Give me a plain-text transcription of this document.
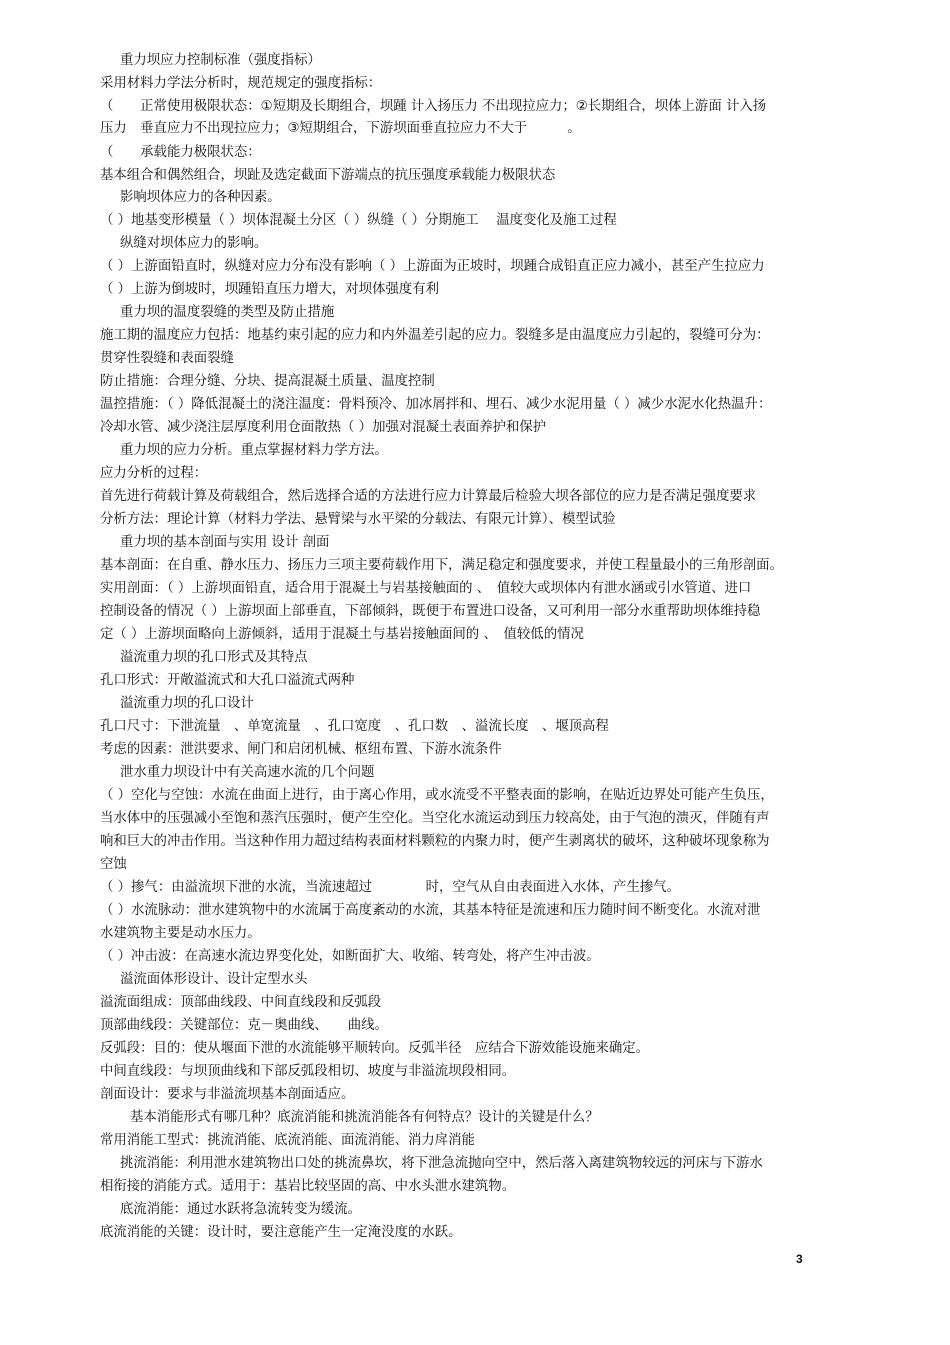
重力坝应力控制标准（强度指标）
采用材料力学法分析时，规范规定的强度指标：
（　　正常使用极限状态：①短期及长期组合，坝踵 计入扬压力 不出现拉应力；②长期组合，坝体上游面 计入扬
压力　垂直应力不出现拉应力；③短期组合，下游坝面垂直拉应力不大于　　　。
（　　承载能力极限状态：
基本组合和偶然组合，坝趾及选定截面下游端点的抗压强度承载能力极限状态
影响坝体应力的各种因素。
（ ）地基变形模量（ ）坝体混凝土分区（ ）纵缝（ ）分期施工　 温度变化及施工过程
纵缝对坝体应力的影响。
（ ）上游面铅直时，纵缝对应力分布没有影响（ ）上游面为正坡时，坝踵合成铅直正应力减小，甚至产生拉应力
（ ）上游为倒坡时，坝踵铅直压力增大，对坝体强度有利
重力坝的温度裂缝的类型及防止措施
施工期的温度应力包括：地基约束引起的应力和内外温差引起的应力。裂缝多是由温度应力引起的，裂缝可分为：
贯穿性裂缝和表面裂缝
防止措施：合理分缝、分块、提高混凝土质量、温度控制
温控措施：（ ）降低混凝土的浇注温度：骨料预冷、加冰屑拌和、埋石、减少水泥用量（ ）减少水泥水化热温升：
冷却水管、减少浇注层厚度利用仓面散热（ ）加强对混凝土表面养护和保护
重力坝的应力分析。重点掌握材料力学方法。
应力分析的过程：
首先进行荷载计算及荷载组合，然后选择合适的方法进行应力计算最后检验大坝各部位的应力是否满足强度要求
分析方法：理论计算（材料力学法、悬臂梁与水平梁的分载法、有限元计算）、模型试验
重力坝的基本剖面与实用 设计 剖面
基本剖面：在自重、静水压力、扬压力三项主要荷载作用下，满足稳定和强度要求，并使工程量最小的三角形剖面。
实用剖面：（ ）上游坝面铅直，适合用于混凝土与岩基接触面的 、　值较大或坝体内有泄水涵或引水管道、进口
控制设备的情况（ ）上游坝面上部垂直，下部倾斜，既便于布置进口设备，又可利用一部分水重帮助坝体维持稳
定（ ）上游坝面略向上游倾斜，适用于混凝土与基岩接触面间的 、　值较低的情况
溢流重力坝的孔口形式及其特点
孔口形式：开敞溢流式和大孔口溢流式两种
溢流重力坝的孔口设计
孔口尺寸：下泄流量　、单宽流量　、孔口宽度　、孔口数　、溢流长度　、堰顶高程
考虑的因素：泄洪要求、闸门和启闭机械、枢纽布置、下游水流条件
泄水重力坝设计中有关高速水流的几个问题
（ ）空化与空蚀：水流在曲面上进行，由于离心作用，或水流受不平整表面的影响，在贴近边界处可能产生负压，
当水体中的压强减小至饱和蒸汽压强时，便产生空化。当空化水流运动到压力较高处，由于气泡的溃灭，伴随有声
响和巨大的冲击作用。当这种作用力超过结构表面材料颗粒的内聚力时，便产生剥离状的破坏，这种破坏现象称为
空蚀
（ ）掺气：由溢流坝下泄的水流，当流速超过　　　　时，空气从自由表面进入水体，产生掺气。
（ ）水流脉动：泄水建筑物中的水流属于高度紊动的水流，其基本特征是流速和压力随时间不断变化。水流对泄
水建筑物主要是动水压力。
（ ）冲击波：在高速水流边界变化处，如断面扩大、收缩、转弯处，将产生冲击波。
溢流面体形设计、设计定型水头
溢流面组成：顶部曲线段、中间直线段和反弧段
顶部曲线段：关键部位：克－奥曲线、　　曲线。
反弧段：目的：使从堰面下泄的水流能够平顺转向。反弧半径　应结合下游效能设施来确定。
中间直线段：与坝顶曲线和下部反弧段相切、坡度与非溢流坝段相同。
剖面设计：要求与非溢流坝基本剖面适应。
基本消能形式有哪几种？底流消能和挑流消能各有何特点？设计的关键是什么？
常用消能工型式：挑流消能、底流消能、面流消能、消力戽消能
挑流消能：利用泄水建筑物出口处的挑流鼻坎，将下泄急流抛向空中，然后落入离建筑物较远的河床与下游水
相衔接的消能方式。适用于：基岩比较坚固的高、中水头泄水建筑物。
底流消能：通过水跃将急流转变为缓流。
底流消能的关键：设计时，要注意能产生一定淹没度的水跃。
3
